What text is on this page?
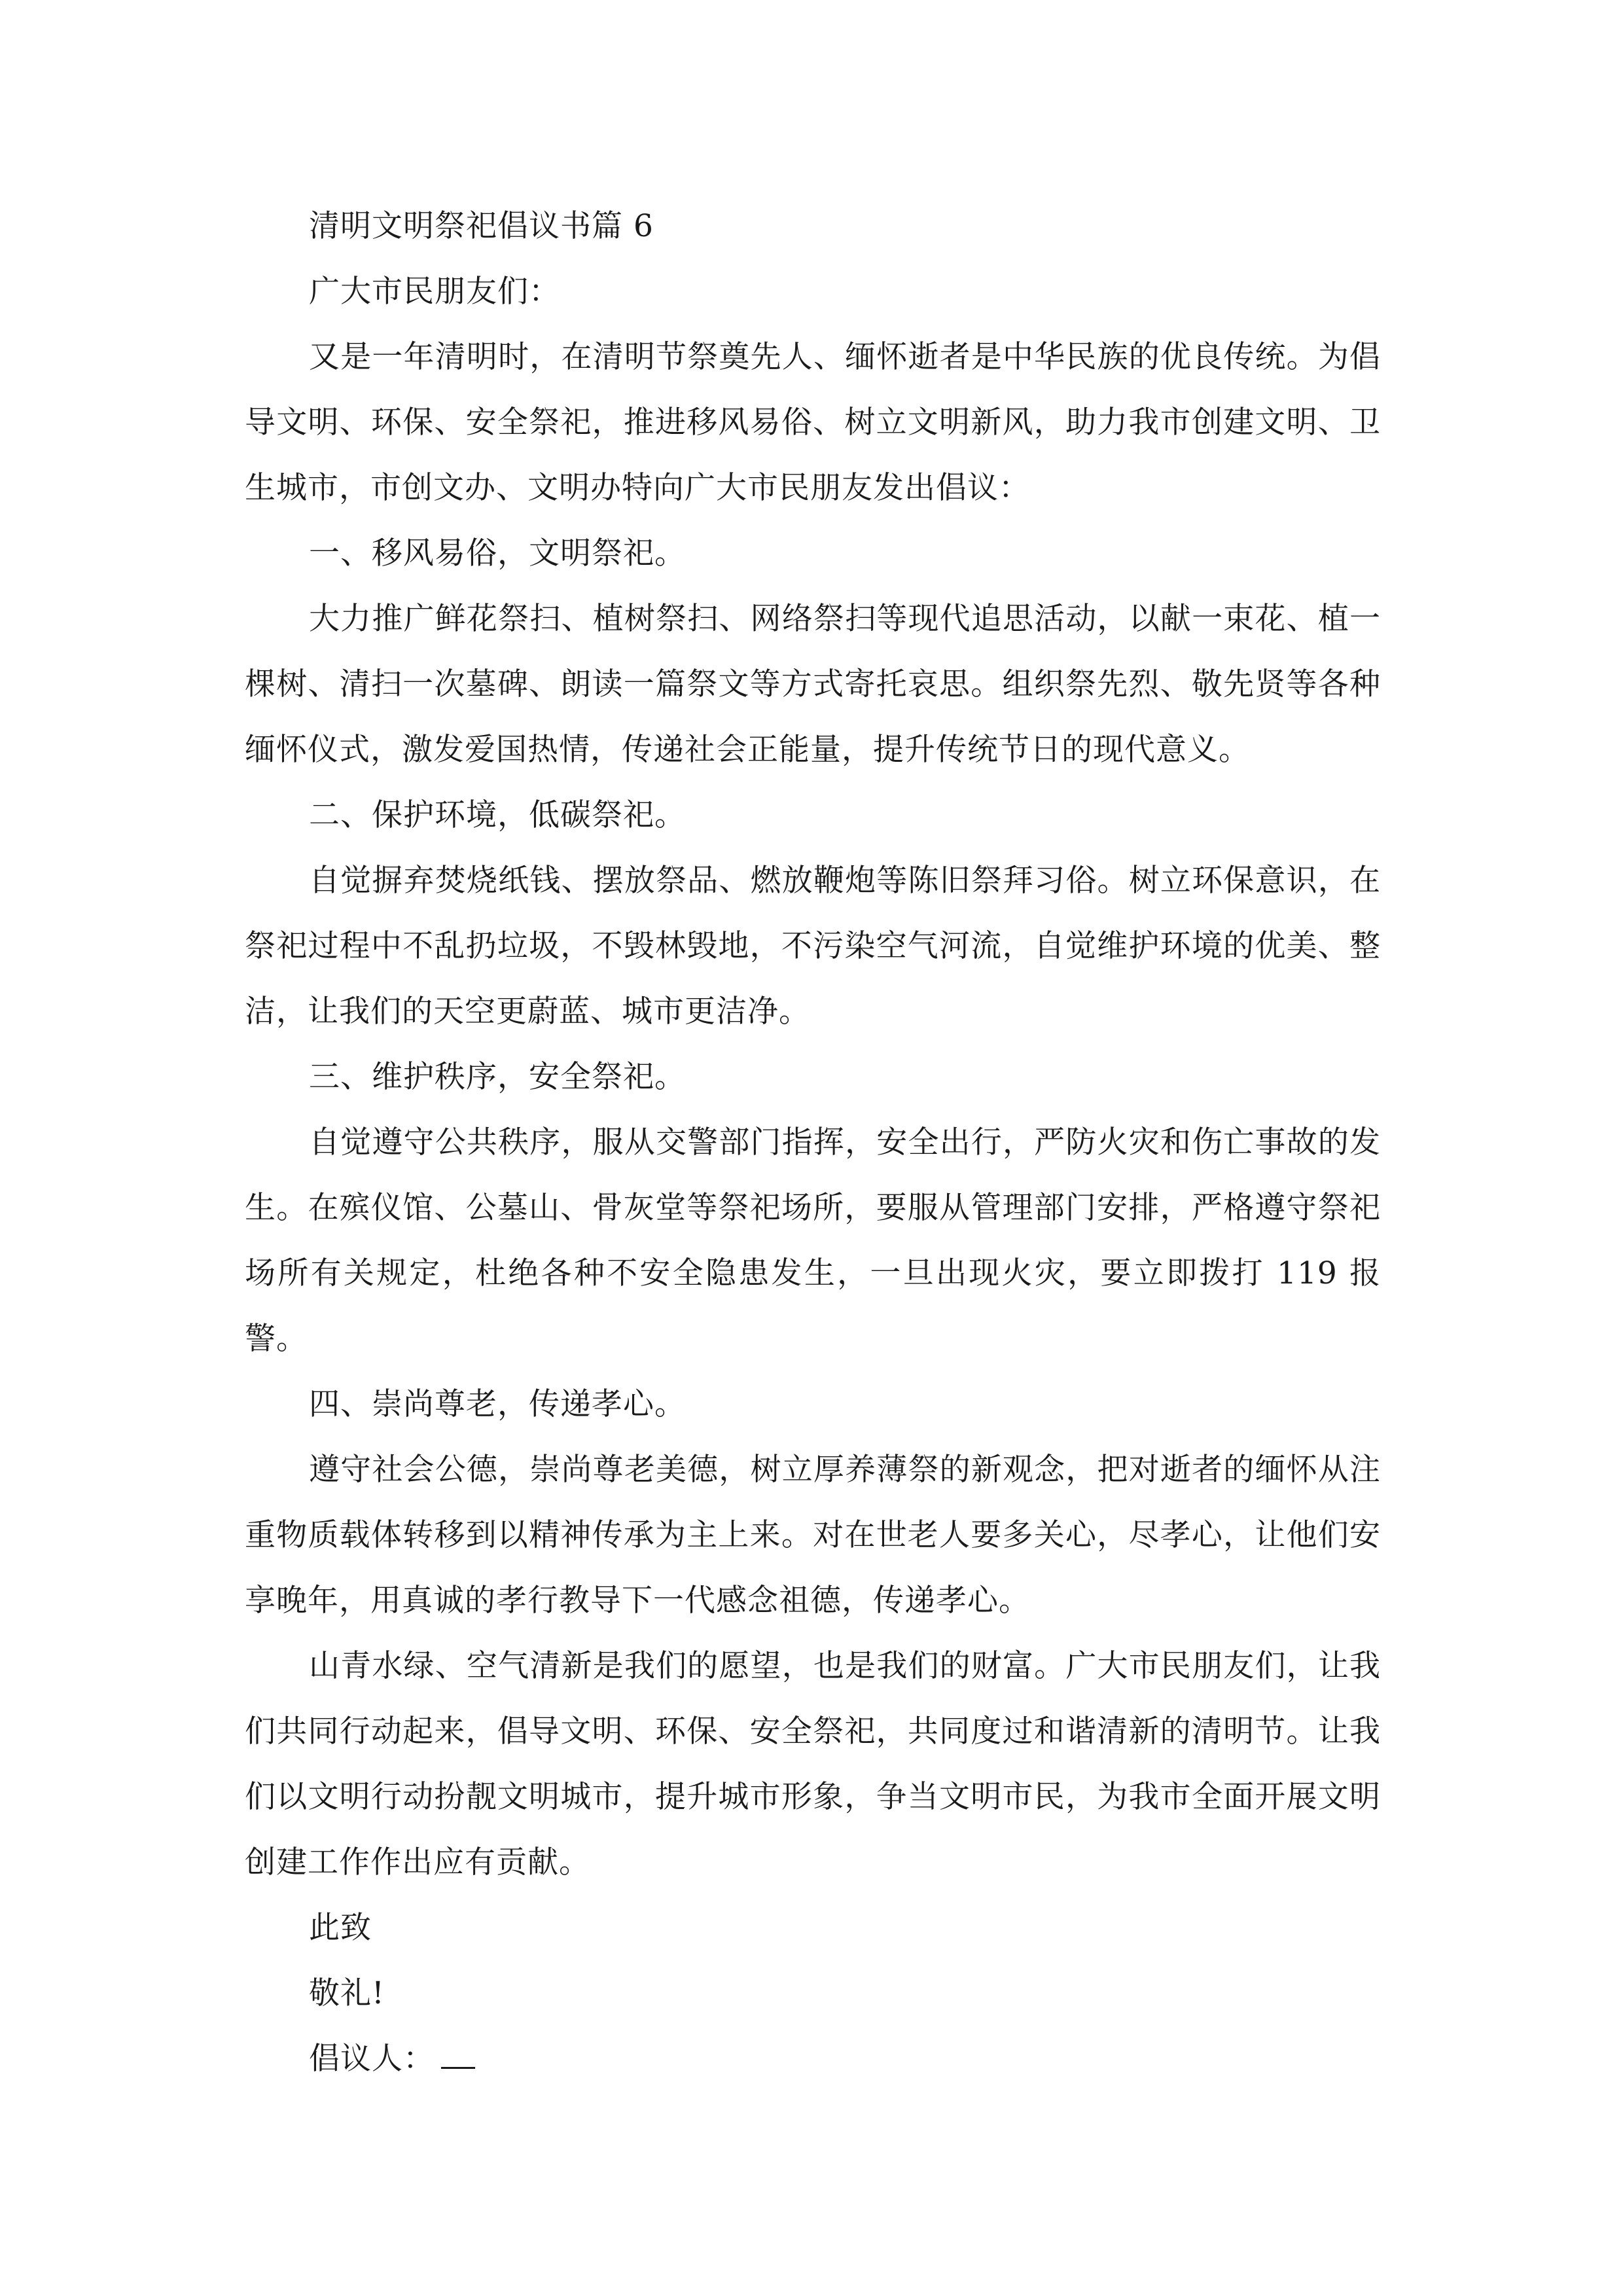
清明文明祭祀倡议书篇 6

广大市民朋友们：

又是一年清明时，在清明节祭奠先人、缅怀逝者是中华民族的优良传统。为倡导文明、环保、安全祭祀，推进移风易俗、树立文明新风，助力我市创建文明、卫生城市，市创文办、文明办特向广大市民朋友发出倡议：

一、移风易俗，文明祭祀。

大力推广鲜花祭扫、植树祭扫、网络祭扫等现代追思活动，以献一束花、植一棵树、清扫一次墓碑、朗读一篇祭文等方式寄托哀思。组织祭先烈、敬先贤等各种缅怀仪式，激发爱国热情，传递社会正能量，提升传统节日的现代意义。

二、保护环境，低碳祭祀。

自觉摒弃焚烧纸钱、摆放祭品、燃放鞭炮等陈旧祭拜习俗。树立环保意识，在祭祀过程中不乱扔垃圾，不毁林毁地，不污染空气河流，自觉维护环境的优美、整洁，让我们的天空更蔚蓝、城市更洁净。

三、维护秩序，安全祭祀。

自觉遵守公共秩序，服从交警部门指挥，安全出行，严防火灾和伤亡事故的发生。在殡仪馆、公墓山、骨灰堂等祭祀场所，要服从管理部门安排，严格遵守祭祀场所有关规定，杜绝各种不安全隐患发生，一旦出现火灾，要立即拨打 119 报警。

四、崇尚尊老，传递孝心。

遵守社会公德，崇尚尊老美德，树立厚养薄祭的新观念，把对逝者的缅怀从注重物质载体转移到以精神传承为主上来。对在世老人要多关心，尽孝心，让他们安享晚年，用真诚的孝行教导下一代感念祖德，传递孝心。

山青水绿、空气清新是我们的愿望，也是我们的财富。广大市民朋友们，让我们共同行动起来，倡导文明、环保、安全祭祀，共同度过和谐清新的清明节。让我们以文明行动扮靓文明城市，提升城市形象，争当文明市民，为我市全面开展文明创建工作作出应有贡献。

此致

敬礼!

倡议人：
